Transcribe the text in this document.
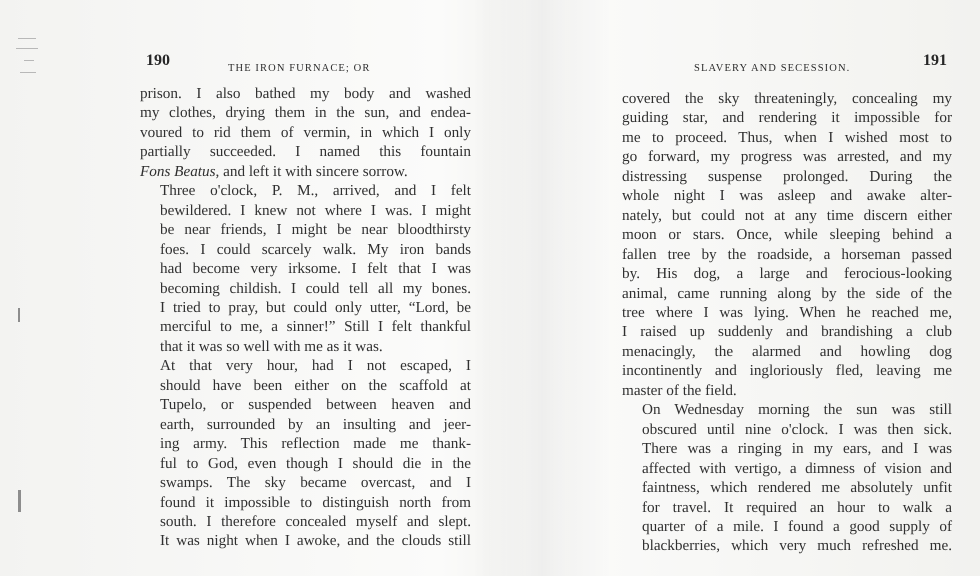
THE IRON FURNACE; OR
190	SLAVERY AND SECESSION.	191

prison. I also bathed my body and washed
my clothes, drying them in the sun, and endea-
voured to rid them of vermin, in which I only
partially succeeded. I named this fountain
Fons Beatus, and left it with sincere sorrow.

Three o'clock, P. M., arrived, and I felt
bewildered. I knew not where I was. I might
be near friends, I might be near bloodthirsty
foes. I could scarcely walk. My iron bands
had become very irksome. I felt that I was
becoming childish. I could tell all my bones.
I tried to pray, but could only utter, “Lord, be
merciful to me, a sinner!” Still I felt thankful
that it was so well with me as it was.

At that very hour, had I not escaped, I
should have been either on the scaffold at
Tupelo, or suspended between heaven and
earth, surrounded by an insulting and jeer-
ing army. This reflection made me thank-
ful to God, even though I should die in the
swamps. The sky became overcast, and I
found it impossible to distinguish north from
south. I therefore concealed myself and slept.
It was night when I awoke, and the clouds still

covered the sky threateningly, concealing my
guiding star, and rendering it impossible for
me to proceed. Thus, when I wished most to
go forward, my progress was arrested, and my
distressing suspense prolonged. During the
whole night I was asleep and awake alter-
nately, but could not at any time discern either
moon or stars. Once, while sleeping behind a
fallen tree by the roadside, a horseman passed
by. His dog, a large and ferocious-looking
animal, came running along by the side of the
tree where I was lying. When he reached me,
I raised up suddenly and brandishing a club
menacingly, the alarmed and howling dog
incontinently and ingloriously fled, leaving me
master of the field.

On Wednesday morning the sun was still
obscured until nine o'clock. I was then sick.
There was a ringing in my ears, and I was
affected with vertigo, a dimness of vision and
faintness, which rendered me absolutely unfit
for travel. It required an hour to walk a
quarter of a mile. I found a good supply of
blackberries, which very much refreshed me.
